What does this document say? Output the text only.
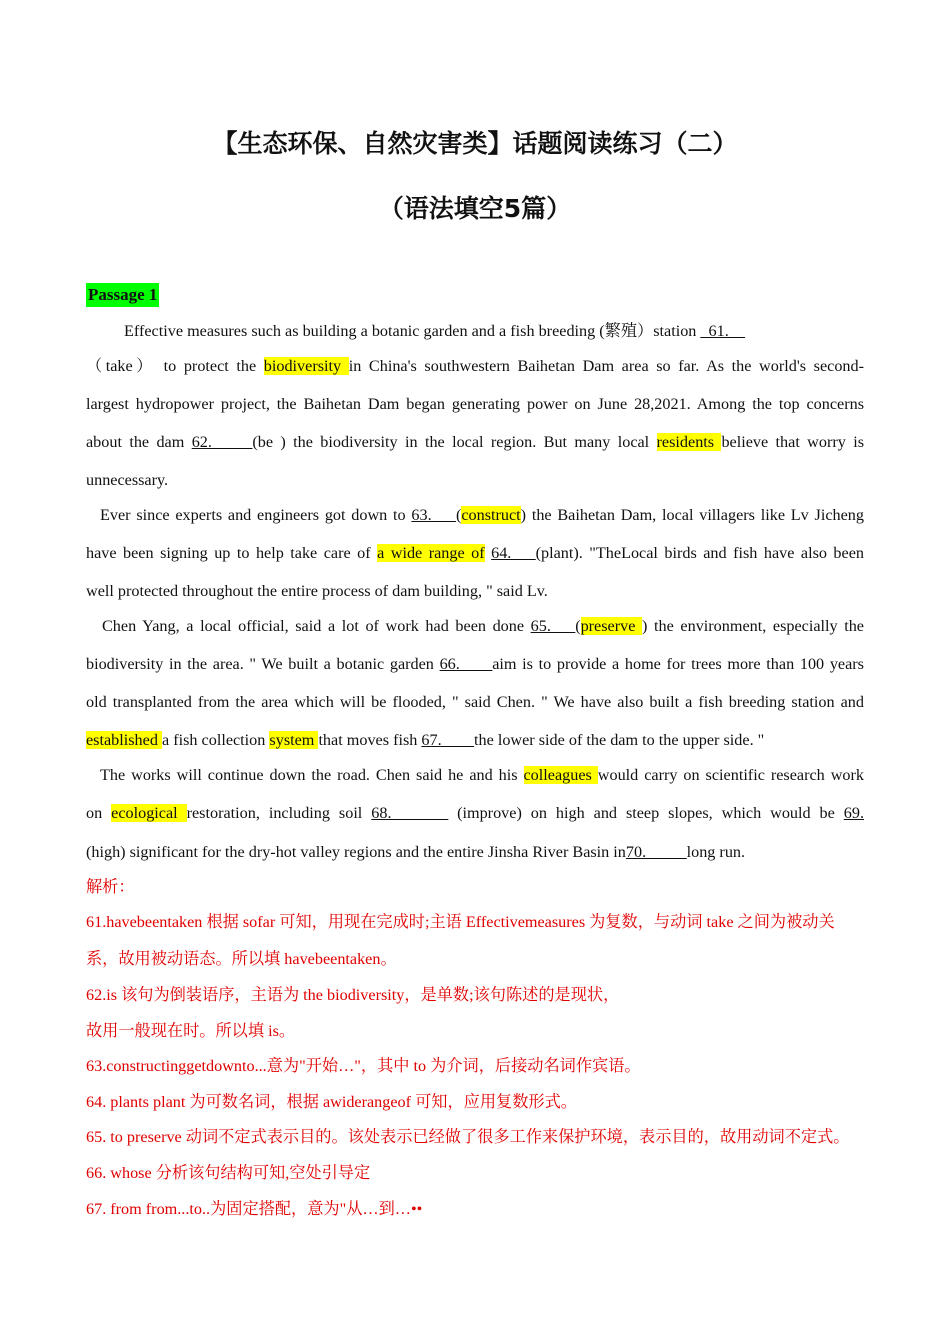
【生态环保、自然灾害类】话题阅读练习（二）
（语法填空5篇）
Passage 1
Effective measures such as building a botanic garden and a fish breeding (繁殖）station _61.__
（take） to protect the biodiversity in China's southwestern Baihetan Dam area so far. As the world's second-
largest hydropower project, the Baihetan Dam began generating power on June 28,2021. Among the top concerns
about the dam 62._____(be ) the biodiversity in the local region. But many local residents believe that worry is
unnecessary.
Ever since experts and engineers got down to 63.___(construct) the Baihetan Dam, local villagers like Lv Jicheng
have been signing up to help take care of a wide range of 64.___(plant). "TheLocal birds and fish have also been
well protected throughout the entire process of dam building, " said Lv.
Chen Yang, a local official, said a lot of work had been done 65.___(preserve ) the environment, especially the
biodiversity in the area. " We built a botanic garden 66.____aim is to provide a home for trees more than 100 years
old transplanted from the area which will be flooded, " said Chen. " We have also built a fish breeding station and
established a fish collection system that moves fish 67.____the lower side of the dam to the upper side. "
The works will continue down the road. Chen said he and his colleagues would carry on scientific research work
on ecological restoration, including soil 68._______ (improve) on high and steep slopes, which would be 69.
(high) significant for the dry-hot valley regions and the entire Jinsha River Basin in70._____long run.
解析：
61.havebeentaken 根据 sofar 可知，用现在完成时;主语 Effectivemeasures 为复数，与动词 take 之间为被动关
系，故用被动语态。所以填 havebeentaken。
62.is 该句为倒装语序，主语为 the biodiversity，是单数;该句陈述的是现状，
故用一般现在时。所以填 is。
63.constructinggetdownto...意为"开始…"，其中 to 为介词，后接动名词作宾语。
64. plants plant 为可数名词，根据 awiderangeof 可知，应用复数形式。
65. to preserve 动词不定式表示目的。该处表示已经做了很多工作来保护环境，表示目的，故用动词不定式。
66. whose 分析该句结构可知,空处引导定
67. from from...to..为固定搭配，意为"从…到…••
